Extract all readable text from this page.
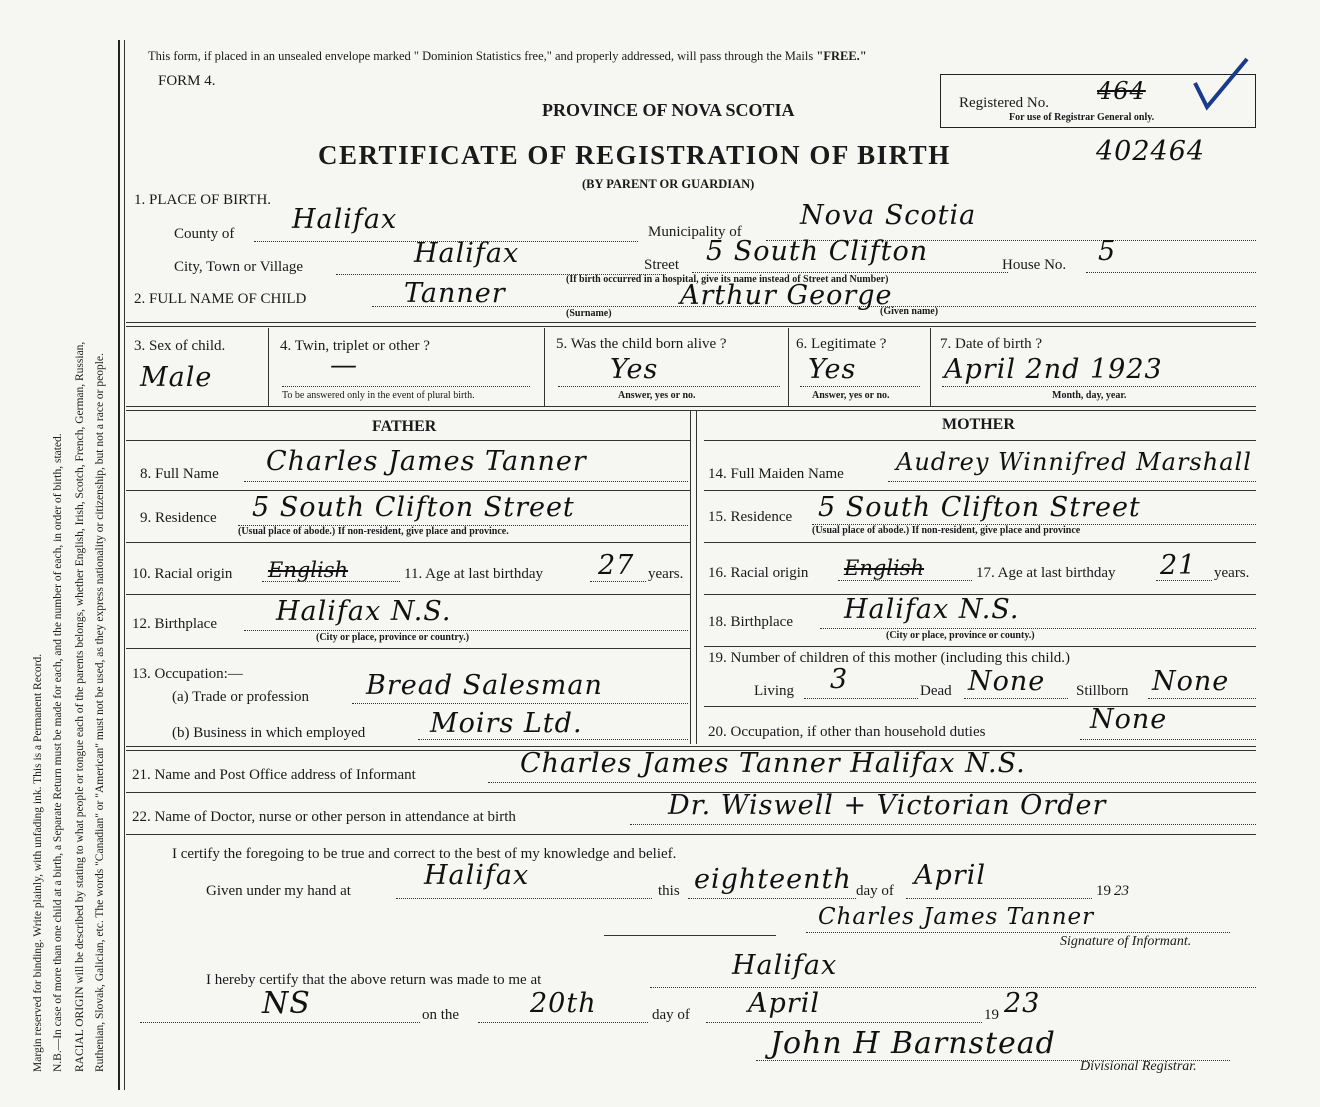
Margin reserved for binding. Write plainly, with unfading ink. This is a Permanent Record. N.B.—In case of more than one child at a birth, a Separate Return must be made for each, and the number of each, in order of birth, stated. RACIAL ORIGIN will be described by stating to what people or tongue each of the parents belongs, whether English, Irish, Scotch, French, German, Russian, Ruthenian, Slovak, Galician, etc. The words "Canadian" or "American" must not be used, as they express nationality or citizenship, but not a race or people.
This form, if placed in an unsealed envelope marked " Dominion Statistics free," and properly addressed, will pass through the Mails "FREE."
FORM 4.
PROVINCE OF NOVA SCOTIA	Registered No. 464
For use of Registrar General only.
CERTIFICATE OF REGISTRATION OF BIRTH	402464
(BY PARENT OR GUARDIAN)
1. PLACE OF BIRTH.
County of Halifax	Municipality of
Nova Scotia
City, Town or Village	Halifax	Street 5 South Clifton	House No. 5
(If birth occurred in a hospital, give its name instead of Street and Number)
2. FULL NAME OF CHILD	Tanner	Arthur George
(Surname)	(Given name)
3. Sex of child.
Male
4. Twin, triplet or other ?
—
To be answered only in the event of plural birth.
5. Was the child born alive ?
Yes
Answer, yes or no.
6. Legitimate ?
Yes
Answer, yes or no.
7. Date of birth ?
April 2nd 1923
Month, day, year.
FATHER	MOTHER
8. Full Name Charles James Tanner
9. Residence 5 South Clifton Street
(Usual place of abode.) If non-resident, give place and province.
10. Racial origin English	11. Age at last birthday 27 years.
12. Birthplace Halifax N.S.
(City or place, province or country.)
13. Occupation:—
(a) Trade or profession Bread Salesman
(b) Business in which employed Moirs Ltd.
14. Full Maiden Name Audrey Winnifred Marshall
15. Residence 5 South Clifton Street
(Usual place of abode.) If non-resident, give place and province
16. Racial origin English	17. Age at last birthday 21 years.
18. Birthplace Halifax N.S.
(City or place, province or county.)
19. Number of children of this mother (including this child.)
Living 3	Dead None Stillborn None
20. Occupation, if other than household duties	None
21. Name and Post Office address of Informant	Charles James Tanner Halifax N.S.
22. Name of Doctor, nurse or other person in attendance at birth	Dr. Wiswell + Victorian Order
I certify the foregoing to be true and correct to the best of my knowledge and belief.
Given under my hand at	Halifax	this eighteenth day of April	19 23
Charles James Tanner
Signature of Informant.
I hereby certify that the above return was made to me at	Halifax
NS	on the	20th	day of April	19 23
John H Barnstead
Divisional Registrar.
